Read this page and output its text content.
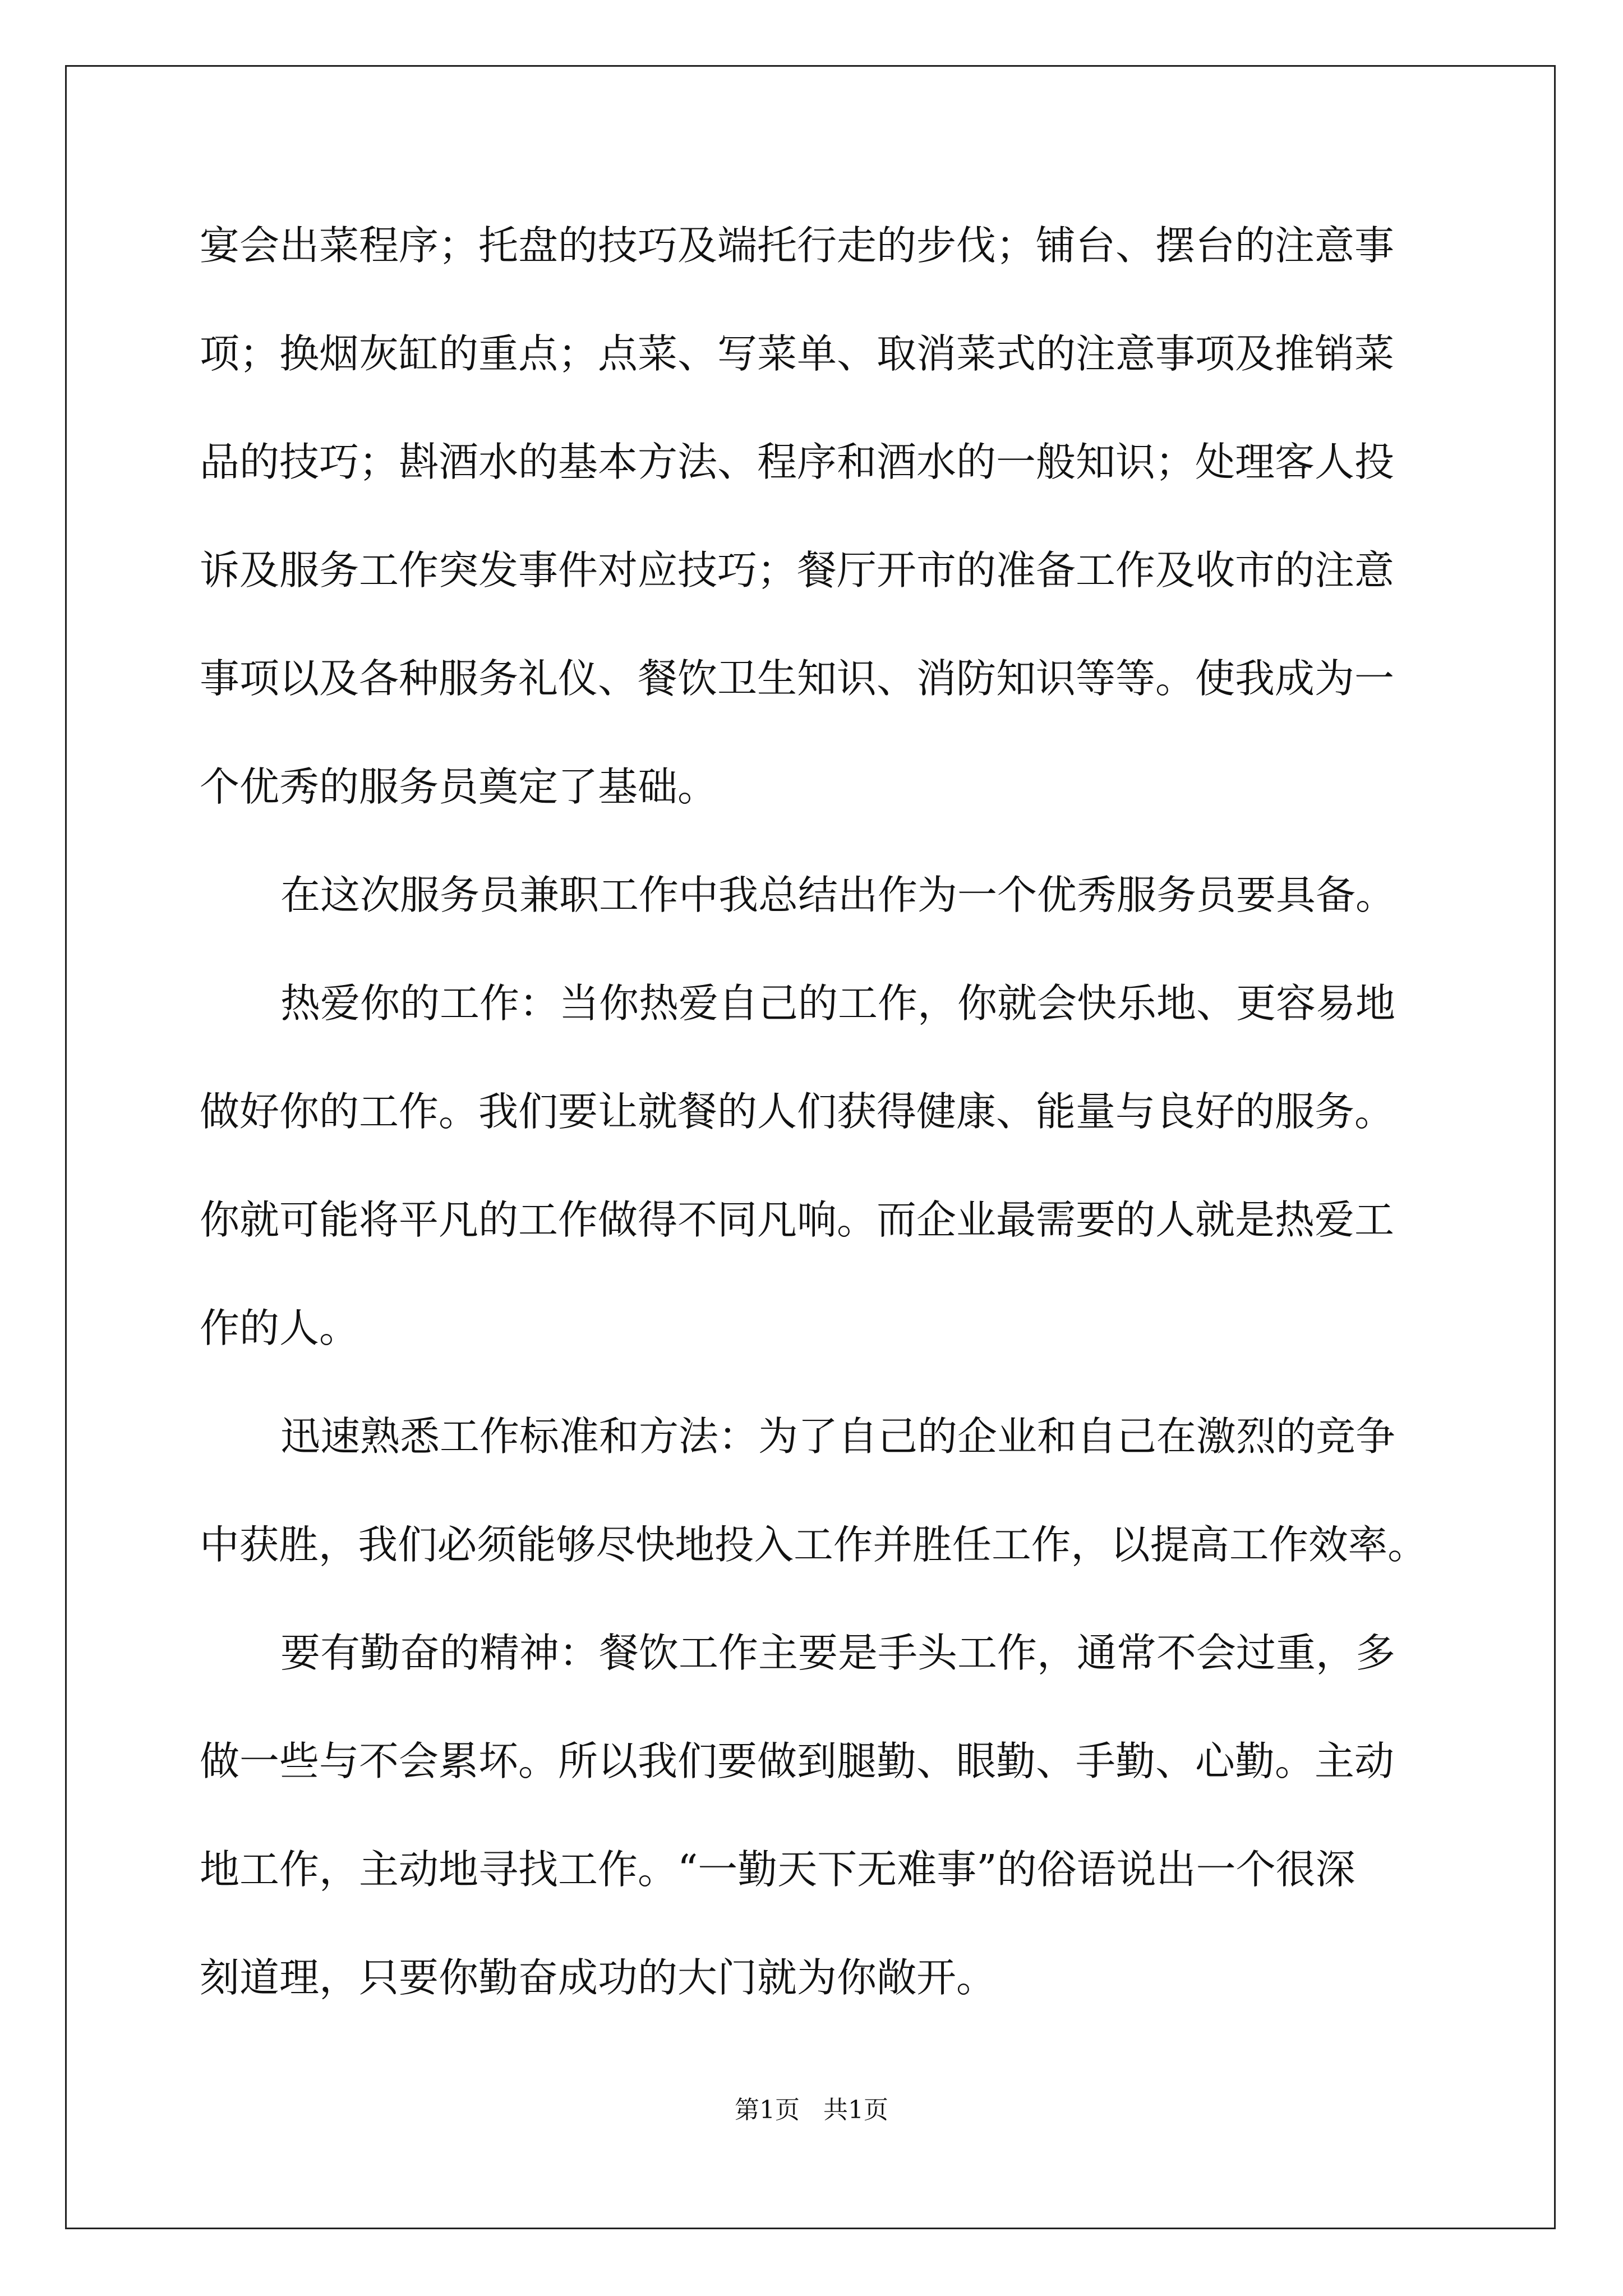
宴会出菜程序；托盘的技巧及端托行走的步伐；铺台、摆台的注意事
项；换烟灰缸的重点；点菜、写菜单、取消菜式的注意事项及推销菜
品的技巧；斟酒水的基本方法、程序和酒水的一般知识；处理客人投
诉及服务工作突发事件对应技巧；餐厅开市的准备工作及收市的注意
事项以及各种服务礼仪、餐饮卫生知识、消防知识等等。使我成为一
个优秀的服务员奠定了基础。
在这次服务员兼职工作中我总结出作为一个优秀服务员要具备。
热爱你的工作：当你热爱自己的工作，你就会快乐地、更容易地
做好你的工作。我们要让就餐的人们获得健康、能量与良好的服务。
你就可能将平凡的工作做得不同凡响。而企业最需要的人就是热爱工
作的人。
迅速熟悉工作标准和方法：为了自己的企业和自己在激烈的竞争
中获胜，我们必须能够尽快地投入工作并胜任工作，以提高工作效率。
要有勤奋的精神：餐饮工作主要是手头工作，通常不会过重，多
做一些与不会累坏。所以我们要做到腿勤、眼勤、手勤、心勤。主动
地工作，主动地寻找工作。“一勤天下无难事”的俗语说出一个很深
刻道理，只要你勤奋成功的大门就为你敞开。
第1页   共1页
